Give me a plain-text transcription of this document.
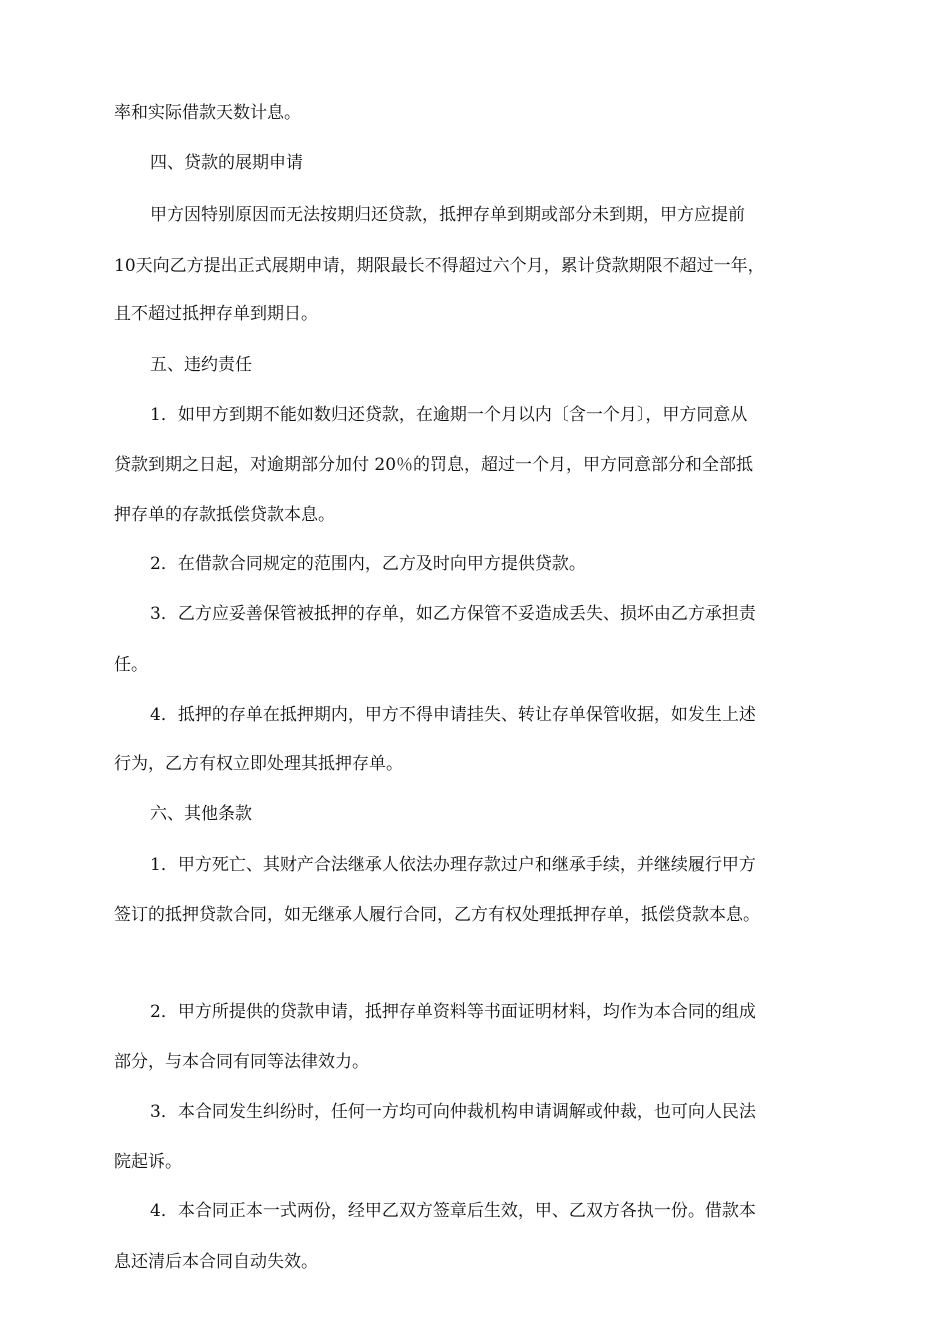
率和实际借款天数计息。
四、贷款的展期申请
甲方因特别原因而无法按期归还贷款，抵押存单到期或部分未到期，甲方应提前
10天向乙方提出正式展期申请，期限最长不得超过六个月，累计贷款期限不超过一年，
且不超过抵押存单到期日。
五、违约责任
1．如甲方到期不能如数归还贷款，在逾期一个月以内〔含一个月〕，甲方同意从
贷款到期之日起，对逾期部分加付 20％的罚息，超过一个月，甲方同意部分和全部抵
押存单的存款抵偿贷款本息。
2．在借款合同规定的范围内，乙方及时向甲方提供贷款。
3．乙方应妥善保管被抵押的存单，如乙方保管不妥造成丢失、损坏由乙方承担责
任。
4．抵押的存单在抵押期内，甲方不得申请挂失、转让存单保管收据，如发生上述
行为，乙方有权立即处理其抵押存单。
六、其他条款
1．甲方死亡、其财产合法继承人依法办理存款过户和继承手续，并继续履行甲方
签订的抵押贷款合同，如无继承人履行合同，乙方有权处理抵押存单，抵偿贷款本息。
2．甲方所提供的贷款申请，抵押存单资料等书面证明材料，均作为本合同的组成
部分，与本合同有同等法律效力。
3．本合同发生纠纷时，任何一方均可向仲裁机构申请调解或仲裁，也可向人民法
院起诉。
4．本合同正本一式两份，经甲乙双方签章后生效，甲、乙双方各执一份。借款本
息还清后本合同自动失效。
